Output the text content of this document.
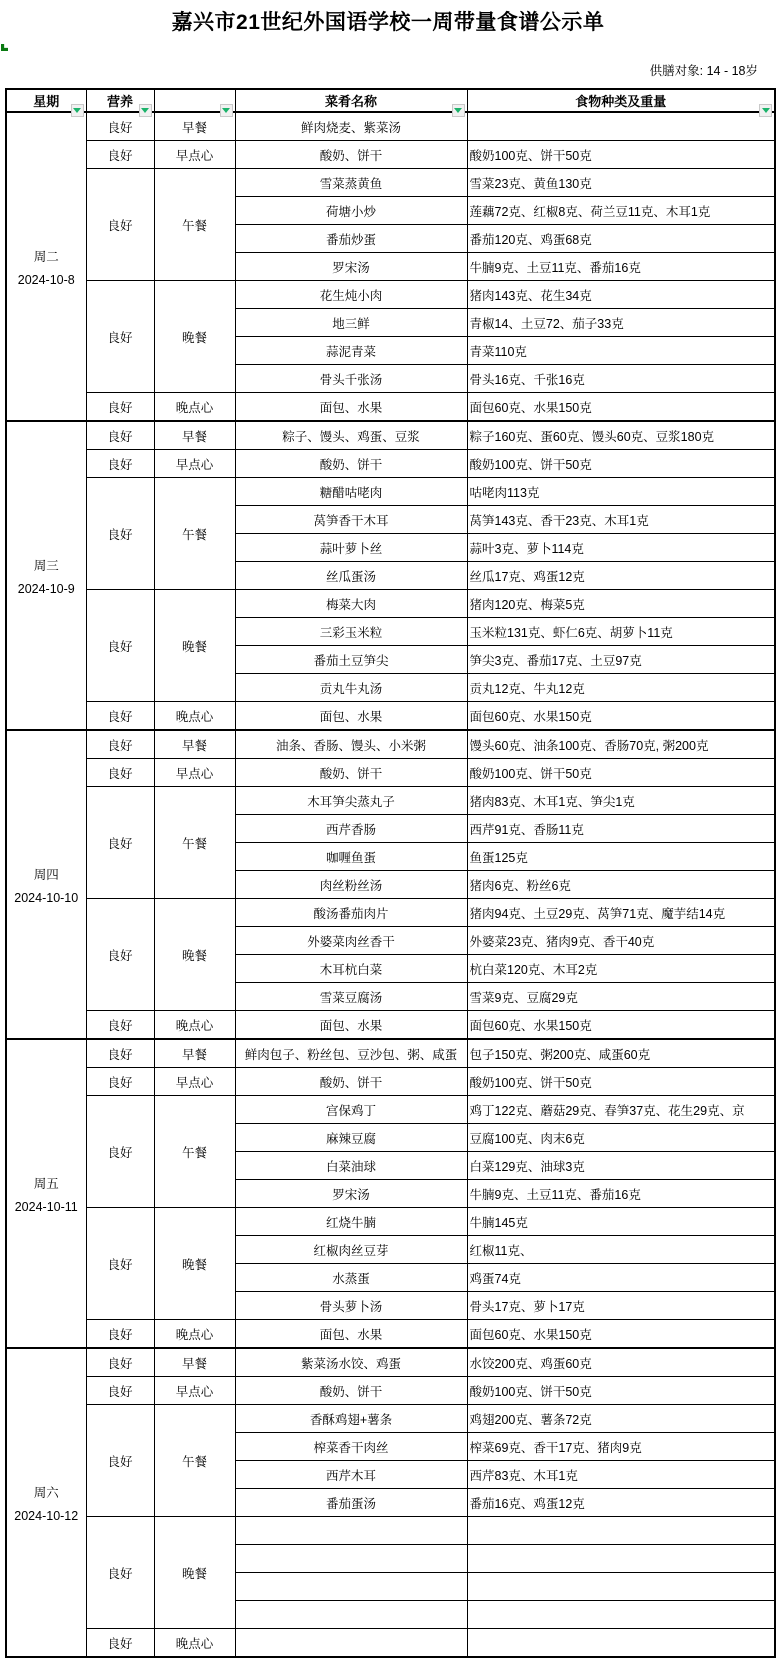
嘉兴市21世纪外国语学校一周带量食谱公示单
供膳对象: 14 - 18岁
星期	营养		菜肴名称	食物种类及重量

周二
2024-10-8	良好	早餐	鲜肉烧麦、紫菜汤	
	良好	早点心	酸奶、饼干	酸奶100克、饼干50克
	良好	午餐	雪菜蒸黄鱼	雪菜23克、黄鱼130克
			荷塘小炒	莲藕72克、红椒8克、荷兰豆11克、木耳1克
			番茄炒蛋	番茄120克、鸡蛋68克
			罗宋汤	牛腩9克、土豆11克、番茄16克
	良好	晚餐	花生炖小肉	猪肉143克、花生34克
			地三鲜	青椒14、土豆72、茄子33克
			蒜泥青菜	青菜110克
			骨头千张汤	骨头16克、千张16克
	良好	晚点心	面包、水果	面包60克、水果150克

周三
2024-10-9	良好	早餐	粽子、馒头、鸡蛋、豆浆	粽子160克、蛋60克、馒头60克、豆浆180克
	良好	早点心	酸奶、饼干	酸奶100克、饼干50克
	良好	午餐	糖醋咕咾肉	咕咾肉113克
			莴笋香干木耳	莴笋143克、香干23克、木耳1克
			蒜叶萝卜丝	蒜叶3克、萝卜114克
			丝瓜蛋汤	丝瓜17克、鸡蛋12克
	良好	晚餐	梅菜大肉	猪肉120克、梅菜5克
			三彩玉米粒	玉米粒131克、虾仁6克、胡萝卜11克
			番茄土豆笋尖	笋尖3克、番茄17克、土豆97克
			贡丸牛丸汤	贡丸12克、牛丸12克
	良好	晚点心	面包、水果	面包60克、水果150克

周四
2024-10-10	良好	早餐	油条、香肠、馒头、小米粥	馒头60克、油条100克、香肠70克, 粥200克
	良好	早点心	酸奶、饼干	酸奶100克、饼干50克
	良好	午餐	木耳笋尖蒸丸子	猪肉83克、木耳1克、笋尖1克
			西芹香肠	西芹91克、香肠11克
			咖喱鱼蛋	鱼蛋125克
			肉丝粉丝汤	猪肉6克、粉丝6克
	良好	晚餐	酸汤番茄肉片	猪肉94克、土豆29克、莴笋71克、魔芋结14克
			外婆菜肉丝香干	外婆菜23克、猪肉9克、香干40克
			木耳杭白菜	杭白菜120克、木耳2克
			雪菜豆腐汤	雪菜9克、豆腐29克
	良好	晚点心	面包、水果	面包60克、水果150克

周五
2024-10-11	良好	早餐	鲜肉包子、粉丝包、豆沙包、粥、咸蛋	包子150克、粥200克、咸蛋60克
	良好	早点心	酸奶、饼干	酸奶100克、饼干50克
	良好	午餐	宫保鸡丁	鸡丁122克、蘑菇29克、春笋37克、花生29克、京
			麻辣豆腐	豆腐100克、肉末6克
			白菜油球	白菜129克、油球3克
			罗宋汤	牛腩9克、土豆11克、番茄16克
	良好	晚餐	红烧牛腩	牛腩145克
			红椒肉丝豆芽	红椒11克、
			水蒸蛋	鸡蛋74克
			骨头萝卜汤	骨头17克、萝卜17克
	良好	晚点心	面包、水果	面包60克、水果150克

周六
2024-10-12	良好	早餐	紫菜汤水饺、鸡蛋	水饺200克、鸡蛋60克
	良好	早点心	酸奶、饼干	酸奶100克、饼干50克
	良好	午餐	香酥鸡翅+薯条	鸡翅200克、薯条72克
			榨菜香干肉丝	榨菜69克、香干17克、猪肉9克
			西芹木耳	西芹83克、木耳1克
			番茄蛋汤	番茄16克、鸡蛋12克
	良好	晚餐		

	良好	晚点心		
